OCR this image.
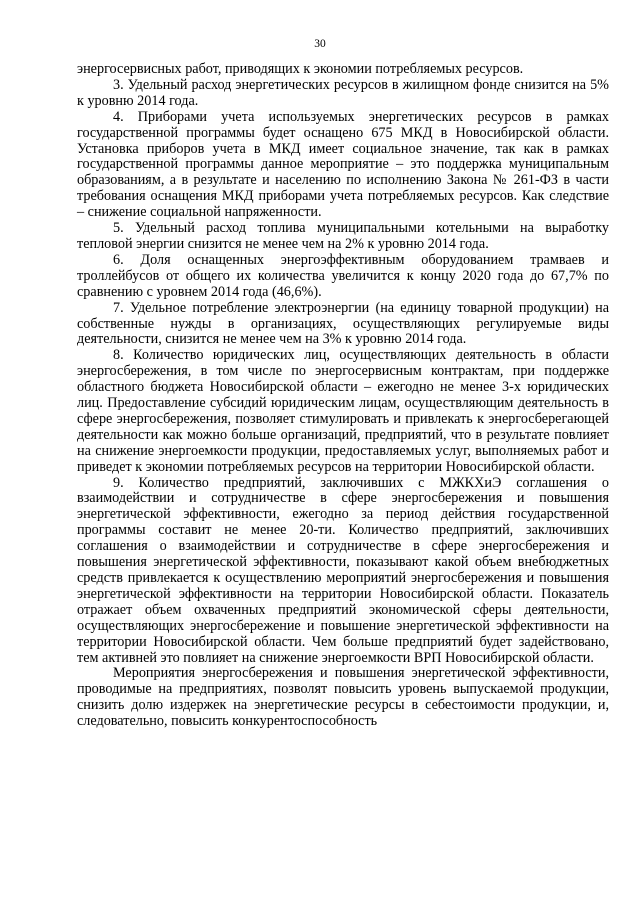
30

энергосервисных работ, приводящих к экономии потребляемых ресурсов.

3. Удельный расход энергетических ресурсов в жилищном фонде снизится на 5% к уровню 2014 года.

4. Приборами учета используемых энергетических ресурсов в рамках государственной программы будет оснащено 675 МКД в Новосибирской области. Установка приборов учета в МКД имеет социальное значение, так как в рамках государственной программы данное мероприятие – это поддержка муниципальным образованиям, а в результате и населению по исполнению Закона № 261-ФЗ в части требования оснащения МКД приборами учета потребляемых ресурсов. Как следствие – снижение социальной напряженности.

5. Удельный расход топлива муниципальными котельными на выработку тепловой энергии снизится не менее чем на 2% к уровню 2014 года.

6. Доля оснащенных энергоэффективным оборудованием трамваев и троллейбусов от общего их количества увеличится к концу 2020 года до 67,7% по сравнению с уровнем 2014 года (46,6%).

7. Удельное потребление электроэнергии (на единицу товарной продукции) на собственные нужды в организациях, осуществляющих регулируемые виды деятельности, снизится не менее чем на 3% к уровню 2014 года.

8. Количество юридических лиц, осуществляющих деятельность в области энергосбережения, в том числе по энергосервисным контрактам, при поддержке областного бюджета Новосибирской области – ежегодно не менее 3-х юридических лиц. Предоставление субсидий юридическим лицам, осуществляющим деятельность в сфере энергосбережения, позволяет стимулировать и привлекать к энергосберегающей деятельности как можно больше организаций, предприятий, что в результате повлияет на снижение энергоемкости продукции, предоставляемых услуг, выполняемых работ и приведет к экономии потребляемых ресурсов на территории Новосибирской области.

9. Количество предприятий, заключивших с МЖКХиЭ соглашения о взаимодействии и сотрудничестве в сфере энергосбережения и повышения энергетической эффективности, ежегодно за период действия государственной программы составит не менее 20-ти. Количество предприятий, заключивших соглашения о взаимодействии и сотрудничестве в сфере энергосбережения и повышения энергетической эффективности, показывают какой объем внебюджетных средств привлекается к осуществлению мероприятий энергосбережения и повышения энергетической эффективности на территории Новосибирской области. Показатель отражает объем охваченных предприятий экономической сферы деятельности, осуществляющих энергосбережение и повышение энергетической эффективности на территории Новосибирской области. Чем больше предприятий будет задействовано, тем активней это повлияет на снижение энергоемкости ВРП Новосибирской области.

Мероприятия энергосбережения и повышения энергетической эффективности, проводимые на предприятиях, позволят повысить уровень выпускаемой продукции, снизить долю издержек на энергетические ресурсы в себестоимости продукции, и, следовательно, повысить конкурентоспособность
